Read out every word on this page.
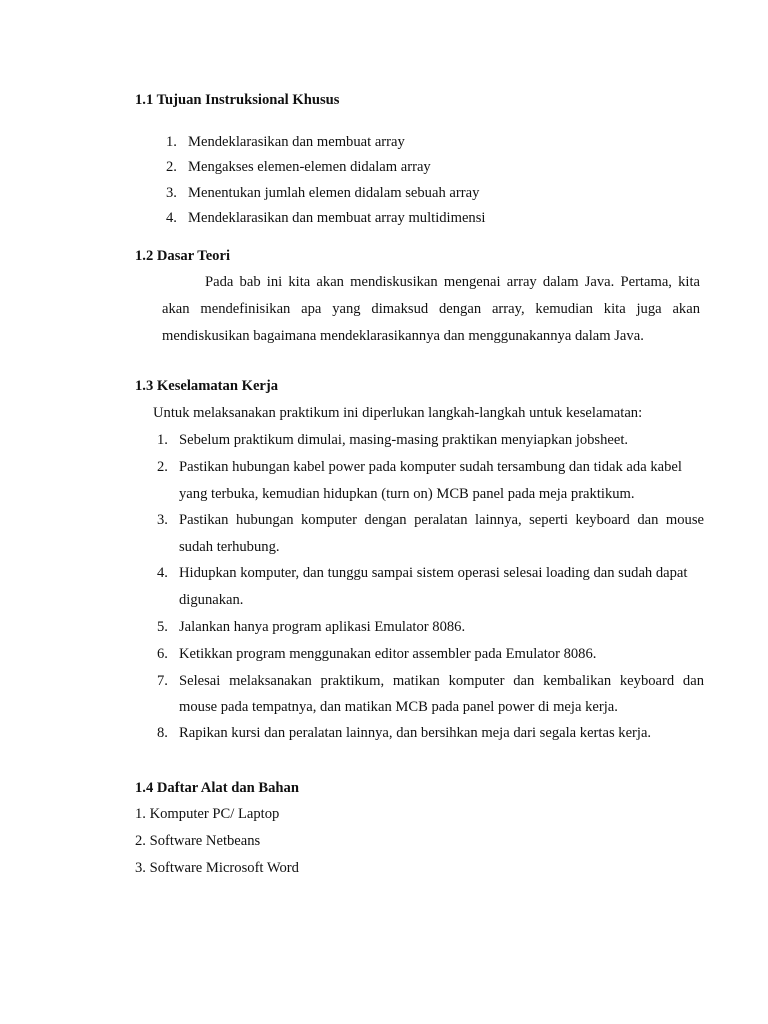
1.1 Tujuan Instruksional Khusus
1. Mendeklarasikan dan membuat array
2. Mengakses elemen-elemen didalam array
3. Menentukan jumlah elemen didalam sebuah array
4. Mendeklarasikan dan membuat array multidimensi
1.2 Dasar Teori
Pada bab ini kita akan mendiskusikan mengenai array dalam Java. Pertama, kita
akan mendefinisikan apa yang dimaksud dengan array, kemudian kita juga akan
mendiskusikan bagaimana mendeklarasikannya dan menggunakannya dalam Java.
1.3 Keselamatan Kerja
Untuk melaksanakan praktikum ini diperlukan langkah-langkah untuk keselamatan:
1. Sebelum praktikum dimulai, masing-masing praktikan menyiapkan jobsheet.
2. Pastikan hubungan kabel power pada komputer sudah tersambung dan tidak ada kabel
yang terbuka, kemudian hidupkan (turn on) MCB panel pada meja praktikum.
3. Pastikan hubungan komputer dengan peralatan lainnya, seperti keyboard dan mouse
sudah terhubung.
4. Hidupkan komputer, dan tunggu sampai sistem operasi selesai loading dan sudah dapat
digunakan.
5. Jalankan hanya program aplikasi Emulator 8086.
6. Ketikkan program menggunakan editor assembler pada Emulator 8086.
7. Selesai melaksanakan praktikum, matikan komputer dan kembalikan keyboard dan
mouse pada tempatnya, dan matikan MCB pada panel power di meja kerja.
8. Rapikan kursi dan peralatan lainnya, dan bersihkan meja dari segala kertas kerja.
1.4 Daftar Alat dan Bahan
1. Komputer PC/ Laptop
2. Software Netbeans
3. Software Microsoft Word
